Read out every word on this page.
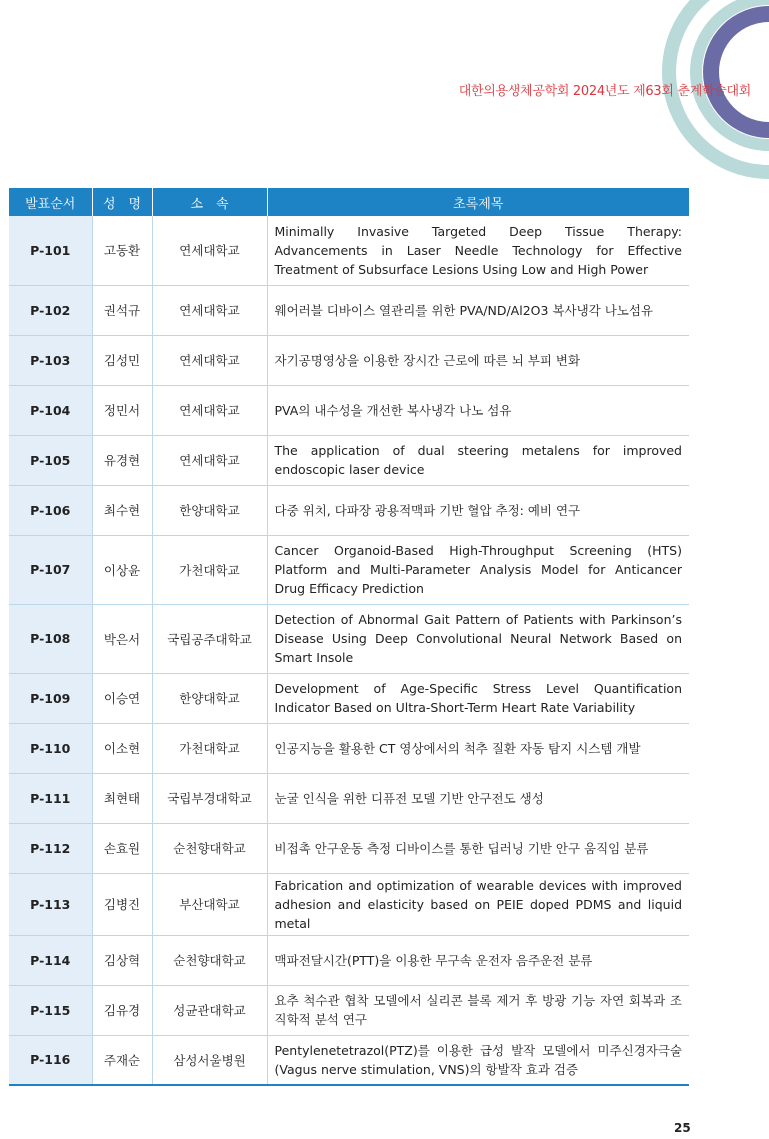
대한의용생체공학회 2024년도 제63회 춘계학술대회
발표순서	성　명	소　속	초록제목
P-101	고동환	연세대학교	Minimally Invasive Targeted Deep Tissue Therapy: Advancements in Laser Needle Technology for Effective Treatment of Subsurface Lesions Using Low and High Power
P-102	권석규	연세대학교	웨어러블 디바이스 열관리를 위한 PVA/ND/Al2O3 복사냉각 나노섬유
P-103	김성민	연세대학교	자기공명영상을 이용한 장시간 근로에 따른 뇌 부피 변화
P-104	정민서	연세대학교	PVA의 내수성을 개선한 복사냉각 나노 섬유
P-105	유경현	연세대학교	The application of dual steering metalens for improved endoscopic laser device
P-106	최수현	한양대학교	다중 위치, 다파장 광용적맥파 기반 혈압 추정: 예비 연구
P-107	이상윤	가천대학교	Cancer Organoid-Based High-Throughput Screening (HTS) Platform and Multi-Parameter Analysis Model for Anticancer Drug Efficacy Prediction
P-108	박은서	국립공주대학교	Detection of Abnormal Gait Pattern of Patients with Parkinson’s Disease Using Deep Convolutional Neural Network Based on Smart Insole
P-109	이승연	한양대학교	Development of Age-Specific Stress Level Quantification Indicator Based on Ultra-Short-Term Heart Rate Variability
P-110	이소현	가천대학교	인공지능을 활용한 CT 영상에서의 척추 질환 자동 탐지 시스템 개발
P-111	최현태	국립부경대학교	눈굴 인식을 위한 디퓨전 모델 기반 안구전도 생성
P-112	손효원	순천향대학교	비접촉 안구운동 측정 디바이스를 통한 딥러닝 기반 안구 움직임 분류
P-113	김병진	부산대학교	Fabrication and optimization of wearable devices with improved adhesion and elasticity based on PEIE doped PDMS and liquid metal
P-114	김상혁	순천향대학교	맥파전달시간(PTT)을 이용한 무구속 운전자 음주운전 분류
P-115	김유경	성균관대학교	요추 척수관 협착 모델에서 실리콘 블록 제거 후 방광 기능 자연 회복과 조직학적 분석 연구
P-116	주재순	삼성서울병원	Pentylenetetrazol(PTZ)를 이용한 급성 발작 모델에서 미주신경자극술(Vagus nerve stimulation, VNS)의 항발작 효과 검증
25
